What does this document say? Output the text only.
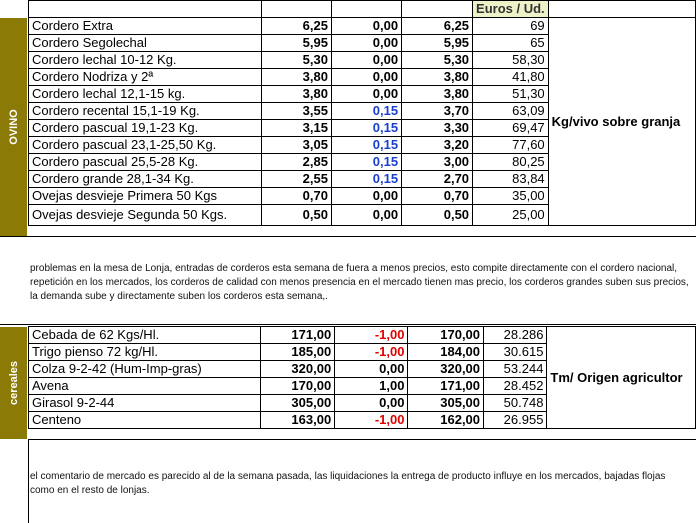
OVINO
				Euros / Ud.	
Cordero Extra	6,25	0,00	6,25	69	Kg/vivo sobre granja
Cordero Segolechal	5,95	0,00	5,95	65	
Cordero lechal 10-12 Kg.	5,30	0,00	5,30	58,30	
Cordero Nodriza y 2ª	3,80	0,00	3,80	41,80	
Cordero lechal 12,1-15 kg.	3,80	0,00	3,80	51,30	
Cordero recental 15,1-19 Kg.	3,55	0,15	3,70	63,09	
Cordero pascual 19,1-23 Kg.	3,15	0,15	3,30	69,47	
Cordero pascual 23,1-25,50 Kg.	3,05	0,15	3,20	77,60	
Cordero pascual 25,5-28 Kg.	2,85	0,15	3,00	80,25	
Cordero grande 28,1-34 Kg.	2,55	0,15	2,70	83,84	
Ovejas desvieje Primera 50 Kgs	0,70	0,00	0,70	35,00	
Ovejas desvieje Segunda 50 Kgs.	0,50	0,00	0,50	25,00	
problemas en la mesa de Lonja, entradas de corderos esta semana de fuera a menos precios, esto compite directamente con el cordero nacional, repetición en los mercados, los corderos de calidad con menos presencia en el mercado tienen mas precio, los corderos grandes suben sus precios, la demanda sube y directamente suben los corderos esta semana,.
cereales
Cebada de 62 Kgs/Hl.	171,00	-1,00	170,00	28.286	Tm/ Origen agricultor
Trigo pienso 72 kg/Hl.	185,00	-1,00	184,00	30.615	
Colza 9-2-42 (Hum-Imp-gras)	320,00	0,00	320,00	53.244	
Avena	170,00	1,00	171,00	28.452	
Girasol 9-2-44	305,00	0,00	305,00	50.748	
Centeno	163,00	-1,00	162,00	26.955	
el comentario de mercado es parecido al de la semana pasada, las liquidaciones la entrega de producto influye en los mercados, bajadas flojas como en el resto de lonjas.
